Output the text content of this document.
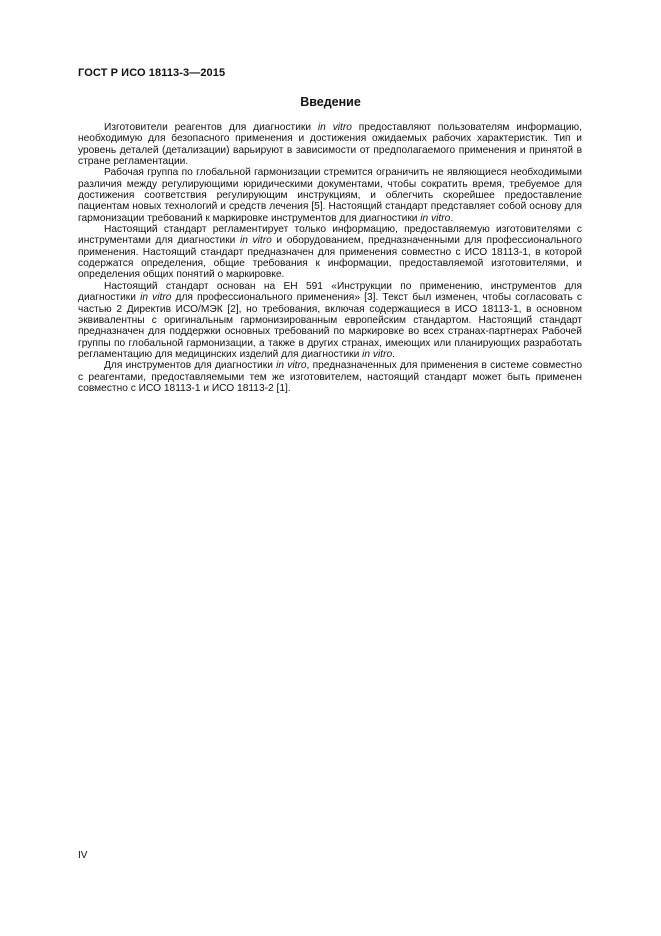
ГОСТ Р ИСО 18113-3—2015
Введение

Изготовители реагентов для диагностики in vitro предоставляют пользователям информацию, необходимую для безопасного применения и достижения ожидаемых рабочих характеристик. Тип и уровень деталей (детализации) варьируют в зависимости от предполагаемого применения и принятой в стране регламентации.

Рабочая группа по глобальной гармонизации стремится ограничить не являющиеся необходимыми различия между регулирующими юридическими документами, чтобы сократить время, требуемое для достижения соответствия регулирующим инструкциям, и облегчить скорейшее предоставление пациентам новых технологий и средств лечения [5]. Настоящий стандарт представляет собой основу для гармонизации требований к маркировке инструментов для диагностики in vitro.

Настоящий стандарт регламентирует только информацию, предоставляемую изготовителями с инструментами для диагностики in vitro и оборудованием, предназначенными для профессионального применения. Настоящий стандарт предназначен для применения совместно с ИСО 18113-1, в которой содержатся определения, общие требования к информации, предоставляемой изготовителями, и определения общих понятий о маркировке.

Настоящий стандарт основан на ЕН 591 «Инструкции по применению, инструментов для диагностики in vitro для профессионального применения» [3]. Текст был изменен, чтобы согласовать с частью 2 Директив ИСО/МЭК [2], но требования, включая содержащиеся в ИСО 18113-1, в основном эквивалентны с оригинальным гармонизированным европейским стандартом. Настоящий стандарт предназначен для поддержки основных требований по маркировке во всех странах-партнерах Рабочей группы по глобальной гармонизации, а также в других странах, имеющих или планирующих разработать регламентацию для медицинских изделий для диагностики in vitro.

Для инструментов для диагностики in vitro, предназначенных для применения в системе совместно с реагентами, предоставляемыми тем же изготовителем, настоящий стандарт может быть применен совместно с ИСО 18113-1 и ИСО 18113-2 [1].

IV
